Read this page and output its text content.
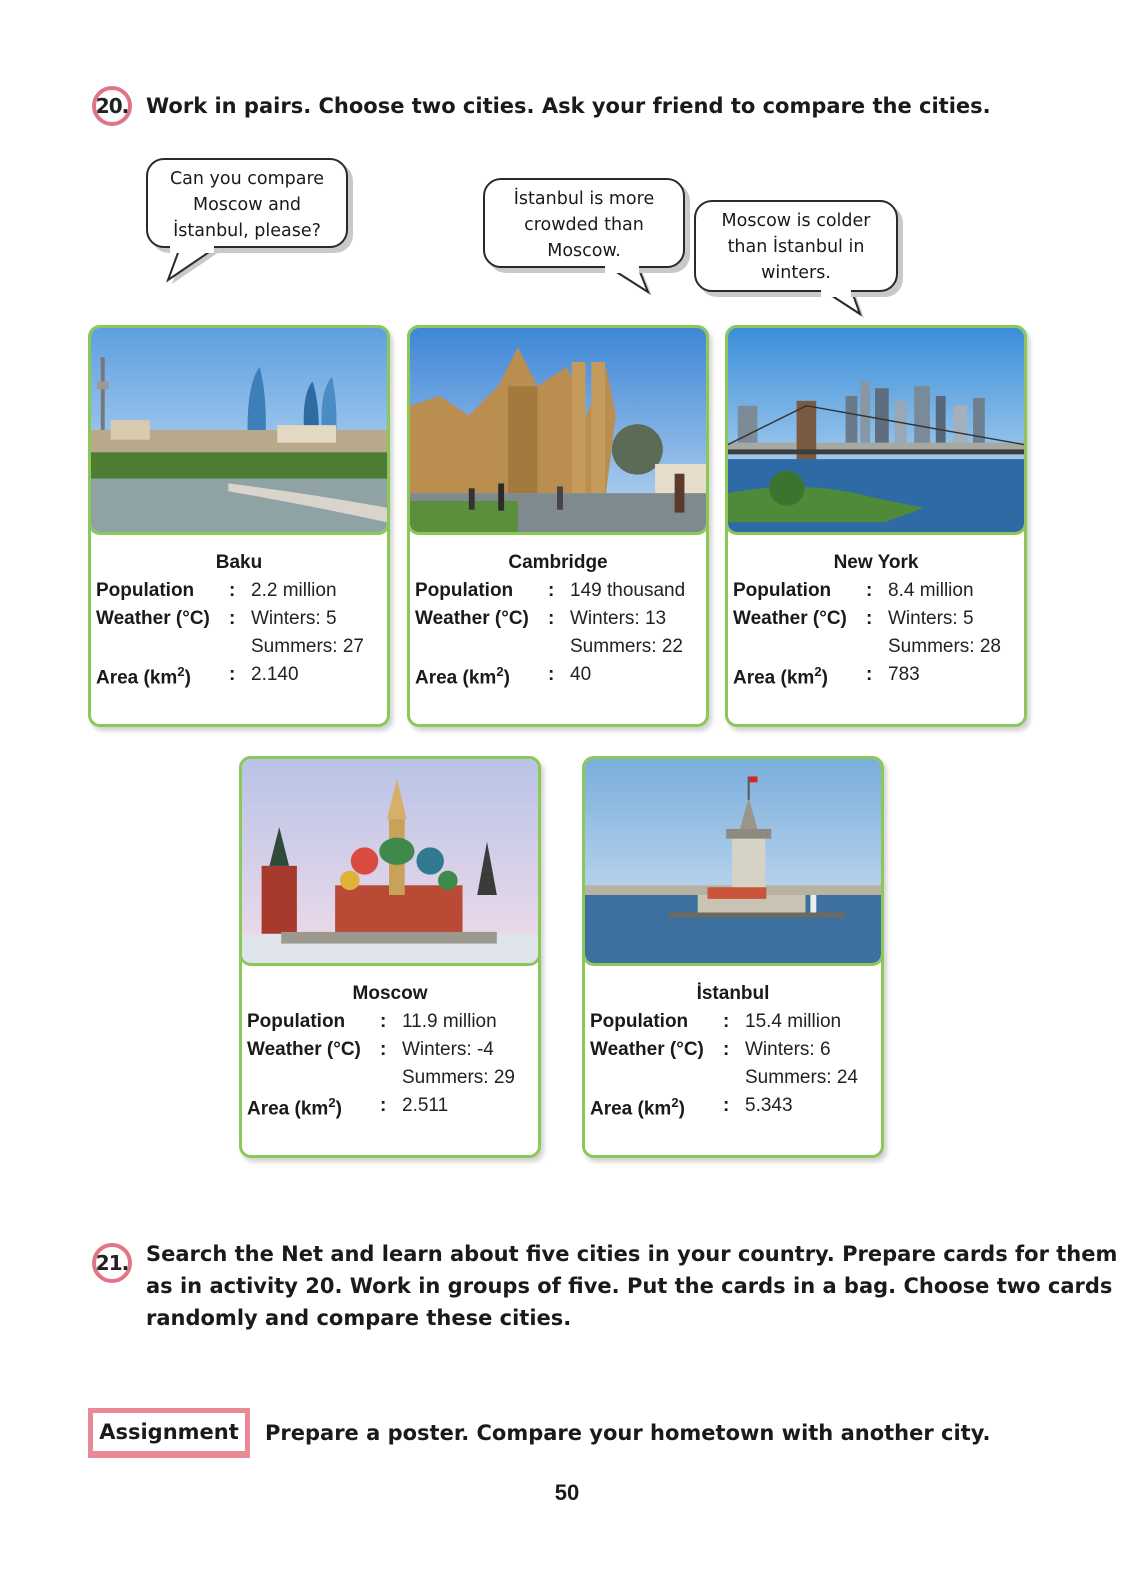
20. Work in pairs. Choose two cities. Ask your friend to compare the cities.
Can you compare
Moscow and
İstanbul, please?
İstanbul is more
crowded than
Moscow.
Moscow is colder
than İstanbul in
winters.
Baku
Population : 2.2 million
Weather (°C) : Winters: 5
Summers: 27
Area $(km^2)$ : 2.140
Cambridge
Population : 149 thousand
Weather (°C) : Winters: 13
Summers: 22
Area $(km^2)$ : 40
New York
Population : 8.4 million
Weather (°C) : Winters: 5
Summers: 28
Area $(km^2)$ : 783
Moscow
Population : 11.9 million
Weather (°C) : Winters: -4
Summers: 29
Area $(km^2)$ : 2.511
İstanbul
Population : 15.4 million
Weather (°C) : Winters: 6
Summers: 24
Area $(km^2)$ : 5.343
21. Search the Net and learn about five cities in your country. Prepare cards for them
as in activity 20. Work in groups of five. Put the cards in a bag. Choose two cards
randomly and compare these cities.
Assignment Prepare a poster. Compare your hometown with another city.
50
